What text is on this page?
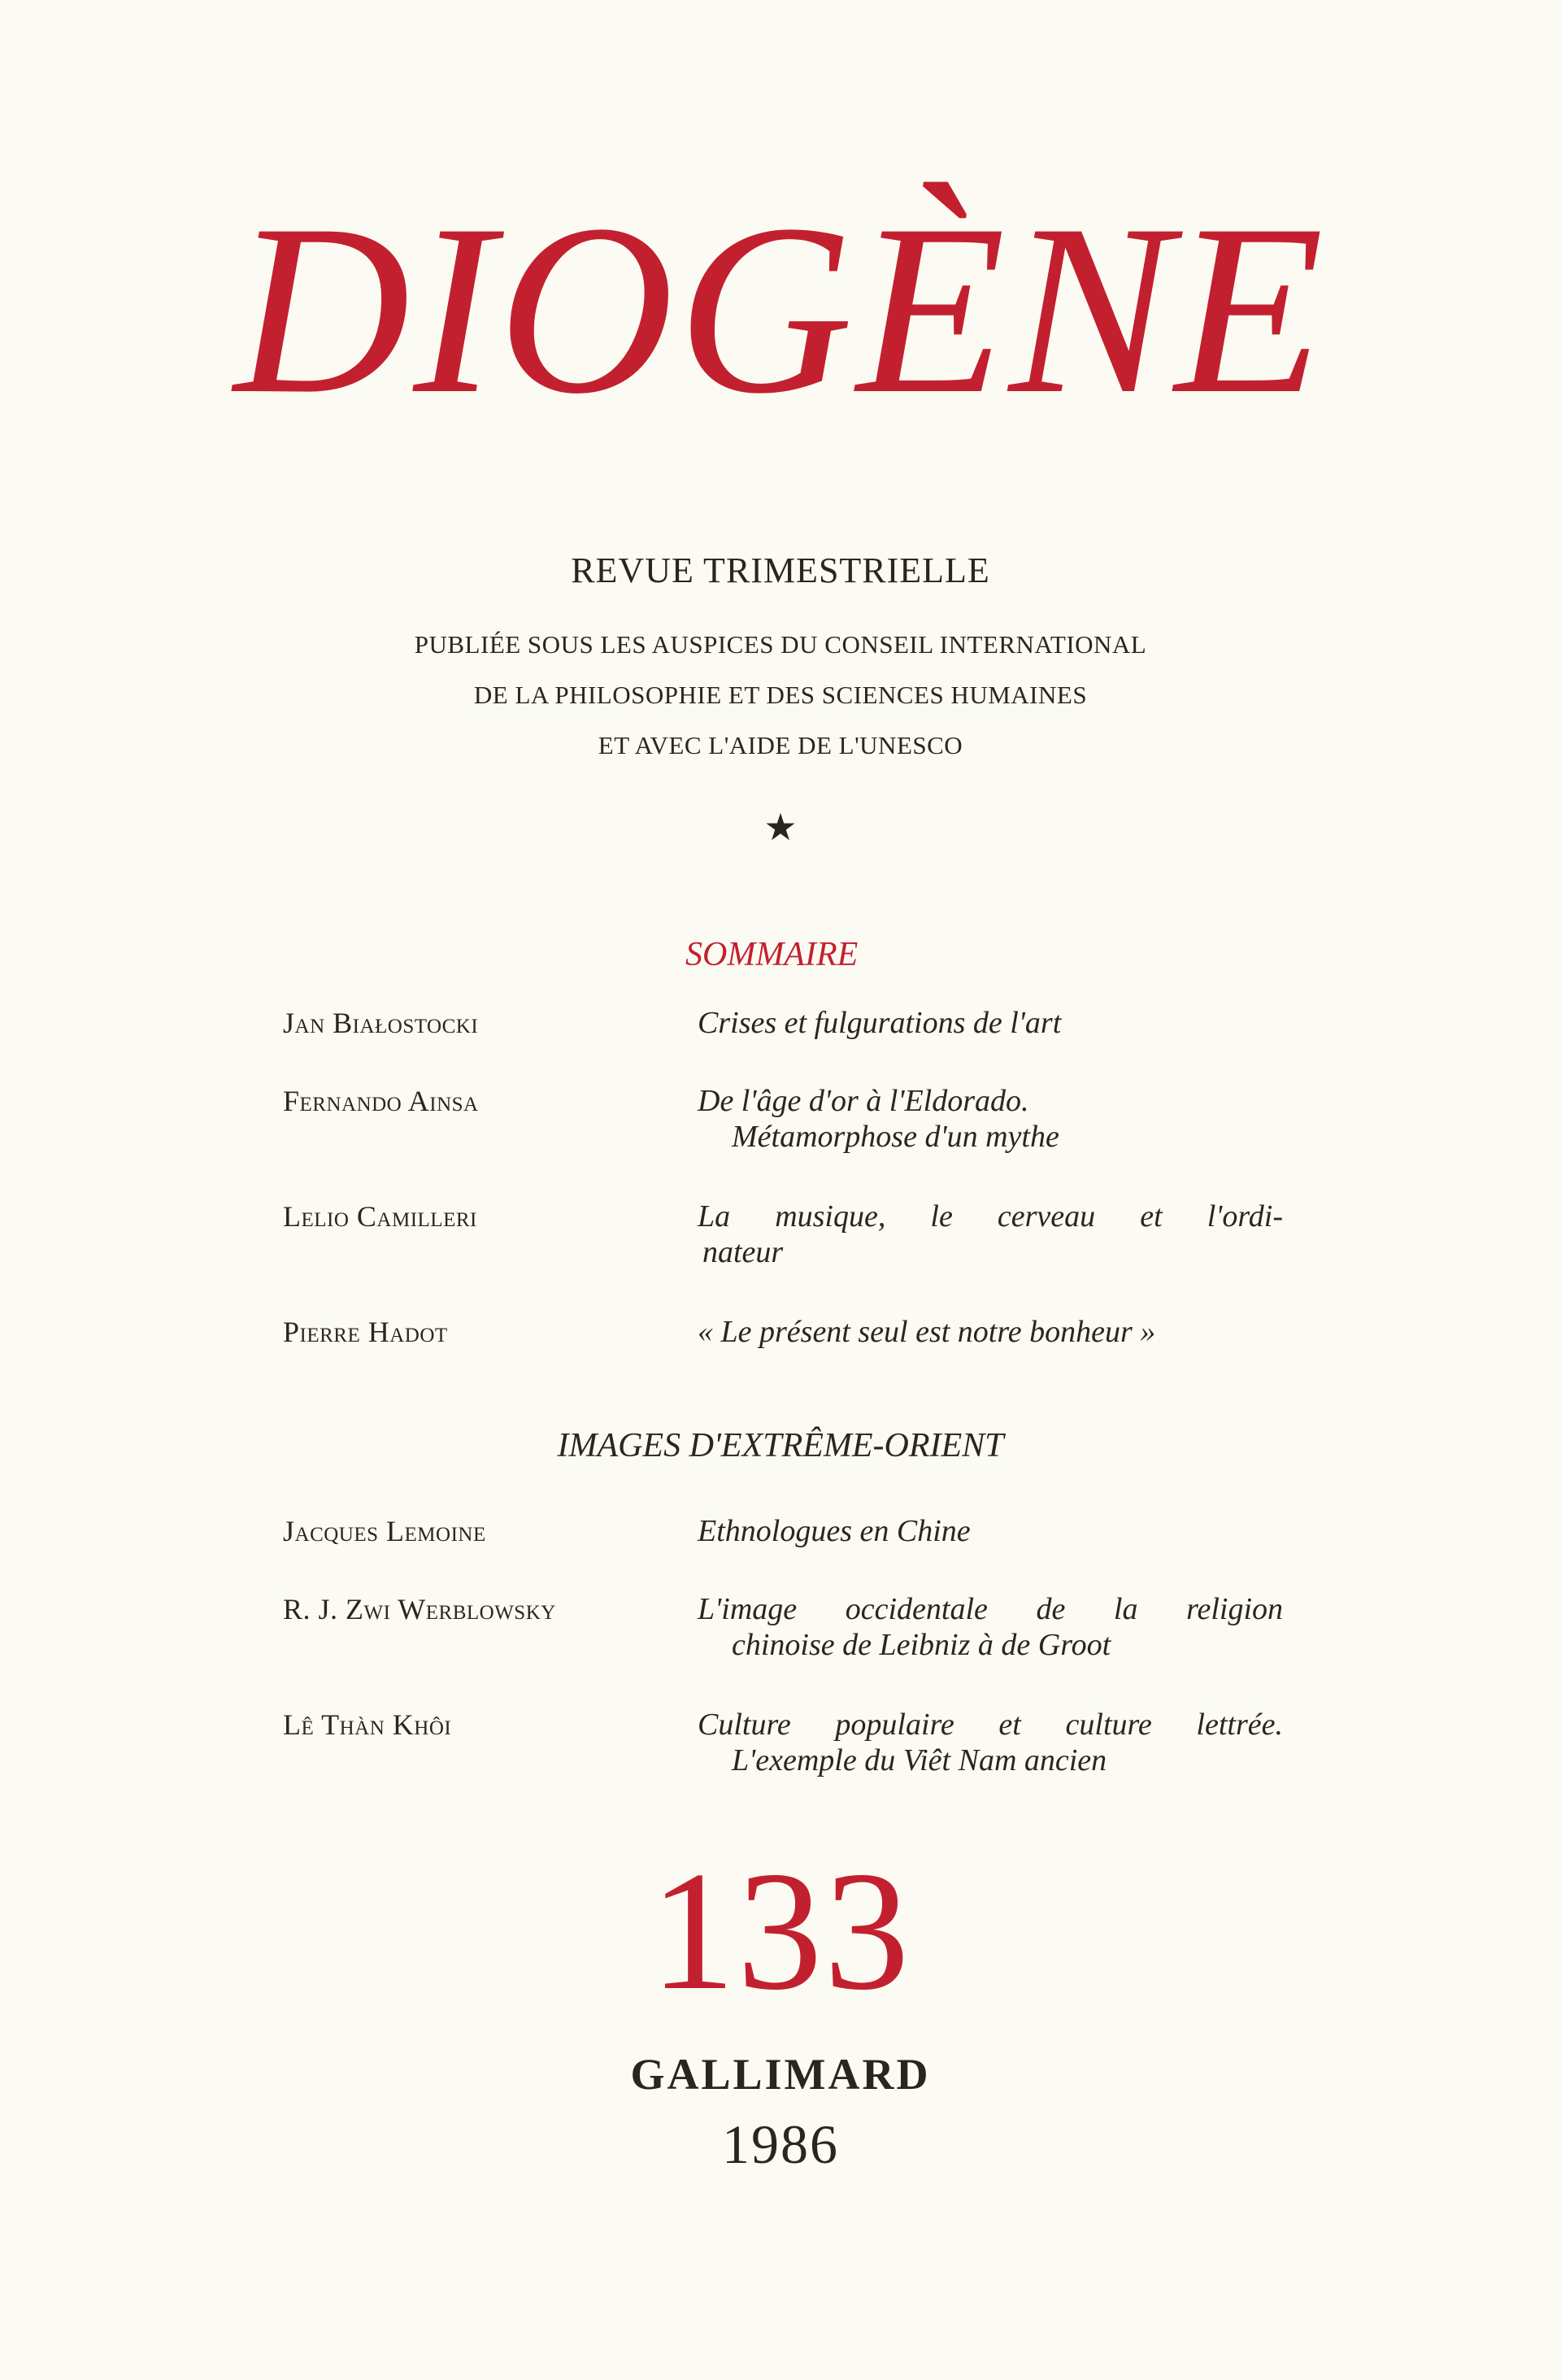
DIOGÈNE
REVUE TRIMESTRIELLE
PUBLIÉE SOUS LES AUSPICES DU CONSEIL INTERNATIONAL
DE LA PHILOSOPHIE ET DES SCIENCES HUMAINES
ET AVEC L'AIDE DE L'UNESCO
★
SOMMAIRE
Jan Białostocki	Crises et fulgurations de l'art
Fernando Ainsa	De l'âge d'or à l'Eldorado.
Métamorphose d'un mythe
Lelio Camilleri	La musique, le cerveau et l'ordi-
nateur
Pierre Hadot	« Le présent seul est notre bonheur »
IMAGES D'EXTRÊME-ORIENT
Jacques Lemoine	Ethnologues en Chine
R. J. Zwi Werblowsky	L'image occidentale de la religion
chinoise de Leibniz à de Groot
Lê Thàn Khôi	Culture populaire et culture lettrée.
L'exemple du Viêt Nam ancien
133
GALLIMARD
1986
